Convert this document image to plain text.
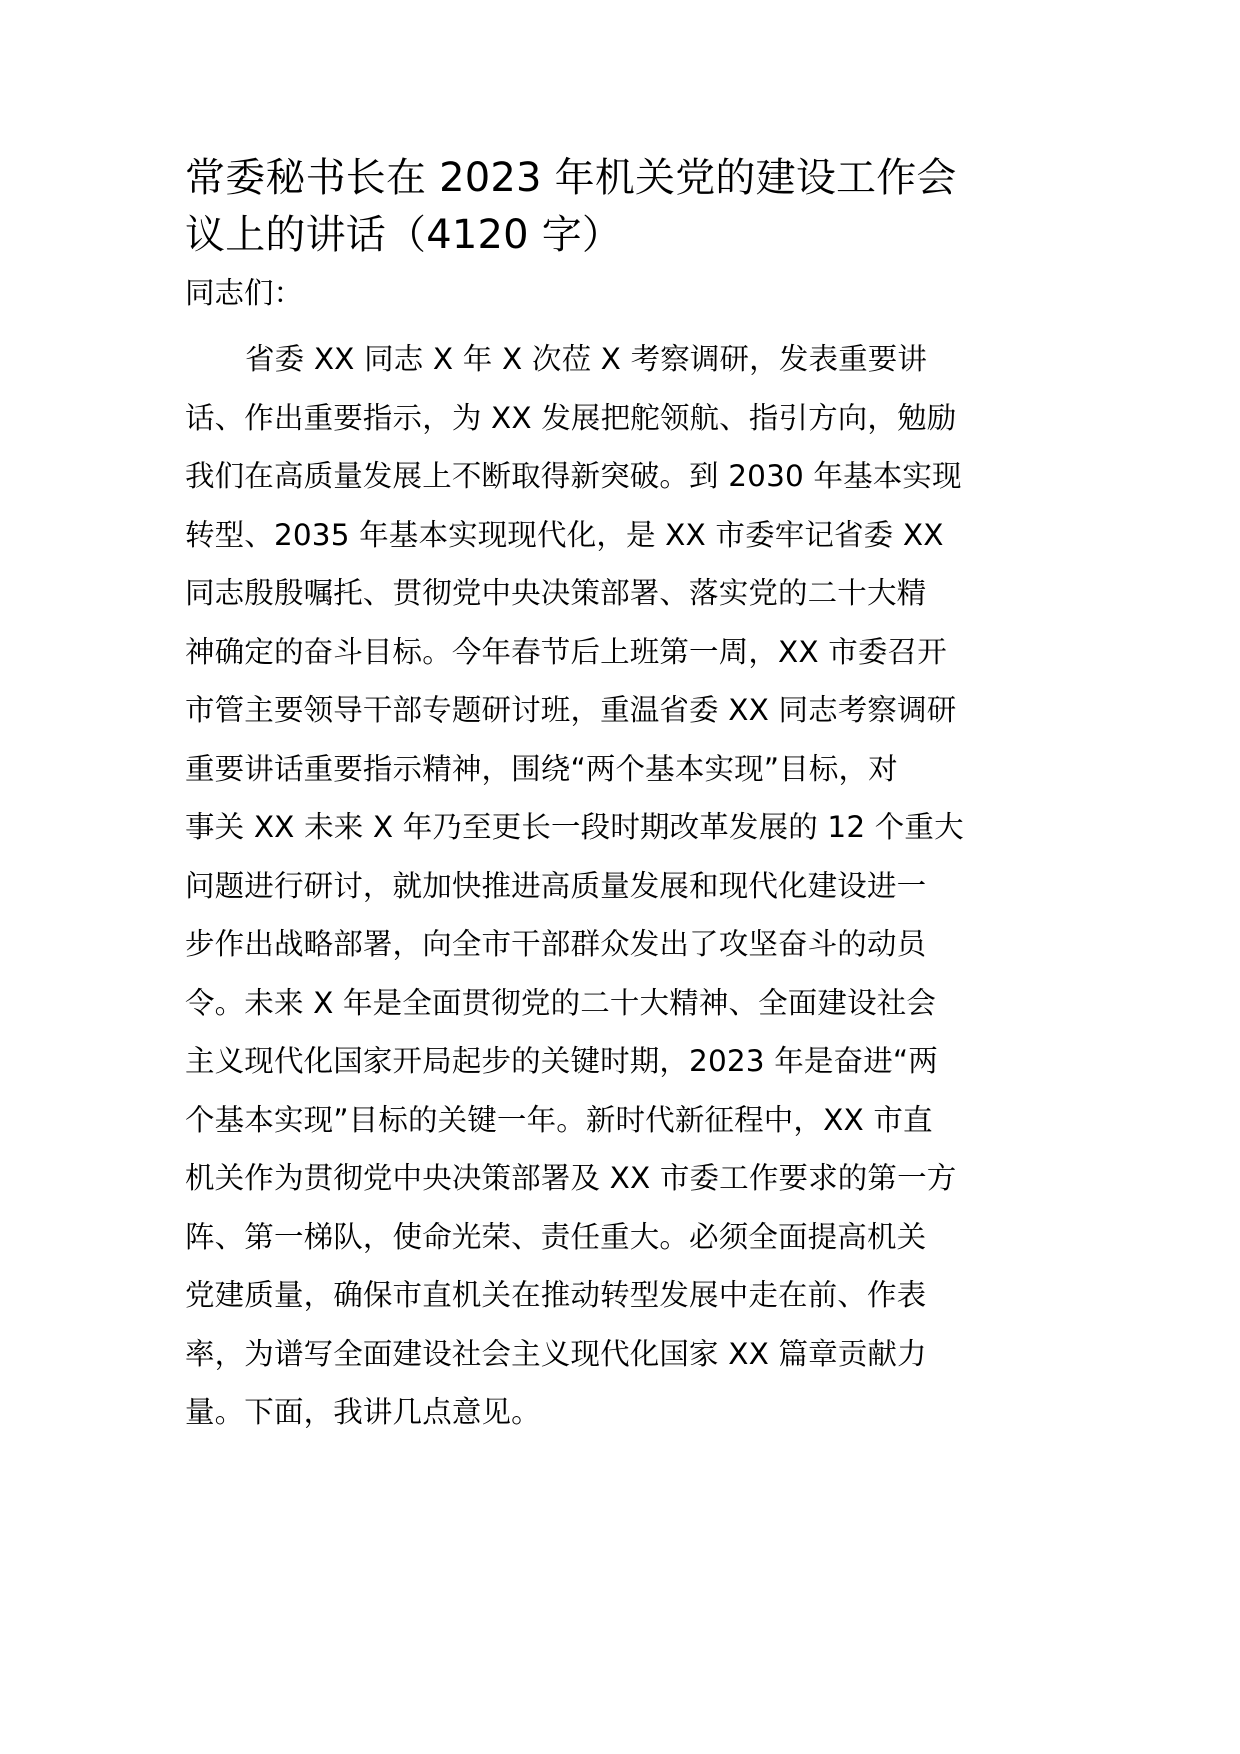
常委秘书长在 2023 年机关党的建设工作会
议上的讲话（4120 字）

同志们：

省委 XX 同志 X 年 X 次莅 X 考察调研，发表重要讲

话、作出重要指示，为 XX 发展把舵领航、指引方向，勉励

我们在高质量发展上不断取得新突破。到 2030 年基本实现

转型、2035 年基本实现现代化，是 XX 市委牢记省委 XX

同志殷殷嘱托、贯彻党中央决策部署、落实党的二十大精

神确定的奋斗目标。今年春节后上班第一周，XX 市委召开

市管主要领导干部专题研讨班，重温省委 XX 同志考察调研

重要讲话重要指示精神，围绕“两个基本实现”目标，对

事关 XX 未来 X 年乃至更长一段时期改革发展的 12 个重大

问题进行研讨，就加快推进高质量发展和现代化建设进一

步作出战略部署，向全市干部群众发出了攻坚奋斗的动员

令。未来 X 年是全面贯彻党的二十大精神、全面建设社会

主义现代化国家开局起步的关键时期，2023 年是奋进“两

个基本实现”目标的关键一年。新时代新征程中，XX 市直

机关作为贯彻党中央决策部署及 XX 市委工作要求的第一方

阵、第一梯队，使命光荣、责任重大。必须全面提高机关

党建质量，确保市直机关在推动转型发展中走在前、作表

率，为谱写全面建设社会主义现代化国家 XX 篇章贡献力

量。下面，我讲几点意见。
